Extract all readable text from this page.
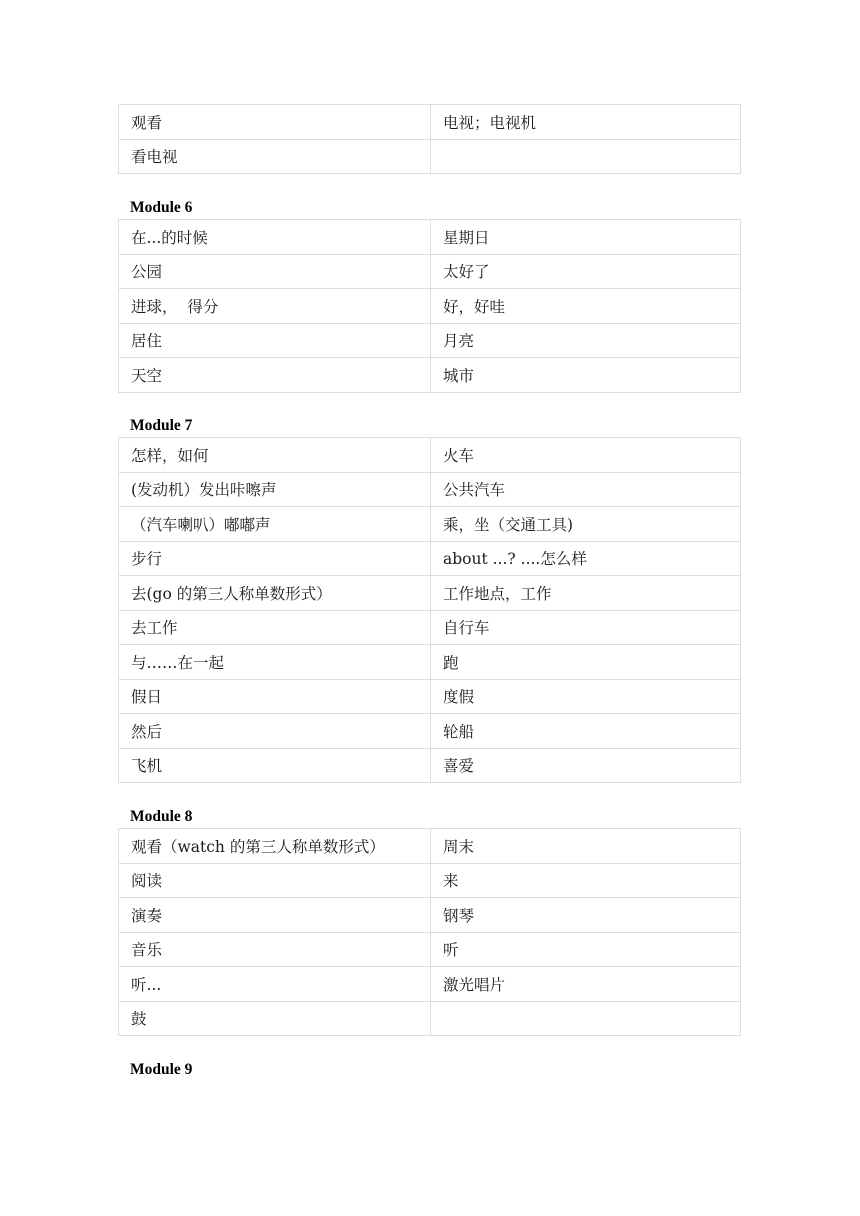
观看	电视；电视机
看电视	
Module 6
在...的时候	星期日
公园	太好了
进球，  得分	好，好哇
居住	月亮
天空	城市
Module 7
怎样，如何	火车
(发动机）发出咔嚓声	公共汽车
（汽车喇叭）嘟嘟声	乘，坐（交通工具)
步行	about ...? ....怎么样
去(go 的第三人称单数形式）	工作地点，工作
去工作	自行车
与……在一起	跑
假日	度假
然后	轮船
飞机	喜爱
Module 8
观看（watch 的第三人称单数形式）	周末
阅读	来
演奏	钢琴
音乐	听
听...	激光唱片
鼓	
Module 9
